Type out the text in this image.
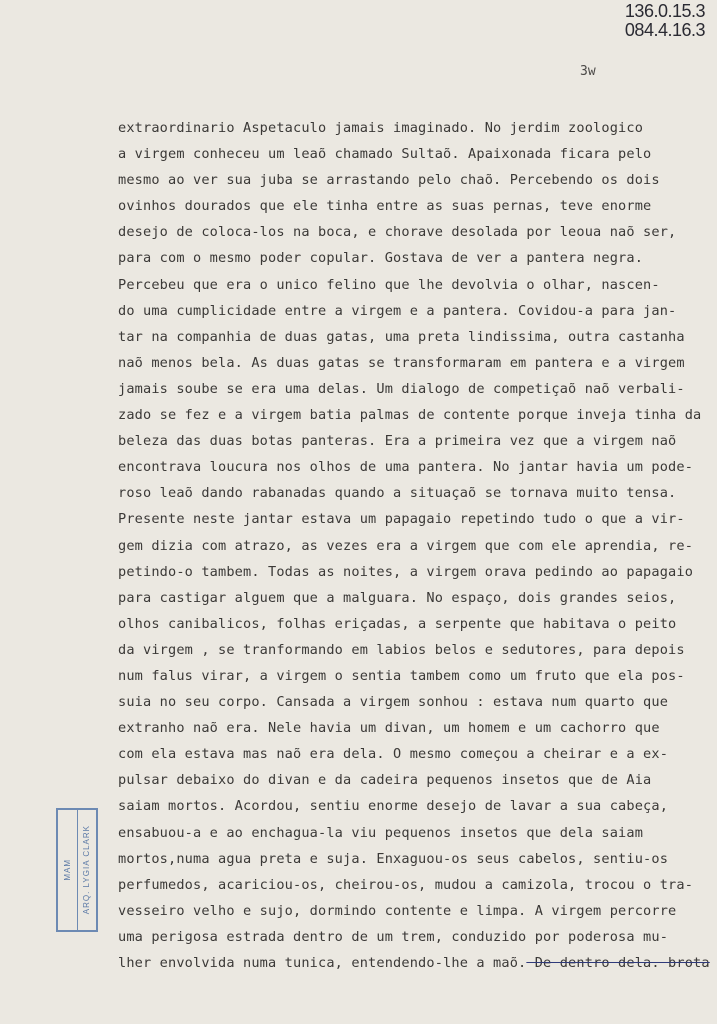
136.0.15.3
084.4.16.3
3w
extraordinario Aspetaculo jamais imaginado. No jerdim zoologico
a virgem conheceu um leaõ chamado Sultaõ. Apaixonada ficara pelo
mesmo ao ver sua juba se arrastando pelo chaõ. Percebendo os dois
ovinhos dourados que ele tinha entre as suas pernas, teve enorme
desejo de coloca-los na boca, e chorave desolada por leoua naõ ser,
para com o mesmo poder copular. Gostava de ver a pantera negra.
Percebeu que era o unico felino que lhe devolvia o olhar, nascen-
do uma cumplicidade entre a virgem e a pantera. Covidou-a para jan-
tar na companhia de duas gatas, uma preta lindissima, outra castanha
naõ menos bela. As duas gatas se transformaram em pantera e a virgem
jamais soube se era uma delas. Um dialogo de competiçaõ naõ verbali-
zado se fez e a virgem batia palmas de contente porque inveja tinha da
beleza das duas botas panteras. Era a primeira vez que a virgem naõ
encontrava loucura nos olhos de uma pantera. No jantar havia um pode-
roso leaõ dando rabanadas quando a situaçaõ se tornava muito tensa.
Presente neste jantar estava um papagaio repetindo tudo o que a vir-
gem dizia com atrazo, as vezes era a virgem que com ele aprendia, re-
petindo-o tambem. Todas as noites, a virgem orava pedindo ao papagaio
para castigar alguem que a malguara. No espaço, dois grandes seios,
olhos canibalicos, folhas eriçadas, a serpente que habitava o peito
da virgem , se tranformando em labios belos e sedutores, para depois
num falus virar, a virgem o sentia tambem como um fruto que ela pos-
suia no seu corpo. Cansada a virgem sonhou : estava num quarto que
extranho naõ era. Nele havia um divan, um homem e um cachorro que
com ela estava mas naõ era dela. O mesmo começou a cheirar e a ex-
pulsar debaixo do divan e da cadeira pequenos insetos que de Aia
saiam mortos. Acordou, sentiu enorme desejo de lavar a sua cabeça,
ensabuou-a e ao enchagua-la viu pequenos insetos que dela saiam
mortos,numa agua preta e suja. Enxaguou-os seus cabelos, sentiu-os
perfumedos, acariciou-os, cheirou-os, mudou a camizola, trocou o tra-
vesseiro velho e sujo, dormindo contente e limpa. A virgem percorre
uma perigosa estrada dentro de um trem, conduzido por poderosa mu-
lher envolvida numa tunica, entendendo-lhe a maõ. De dentro dela. brota
MAM ARQ. LYGIA CLARK
